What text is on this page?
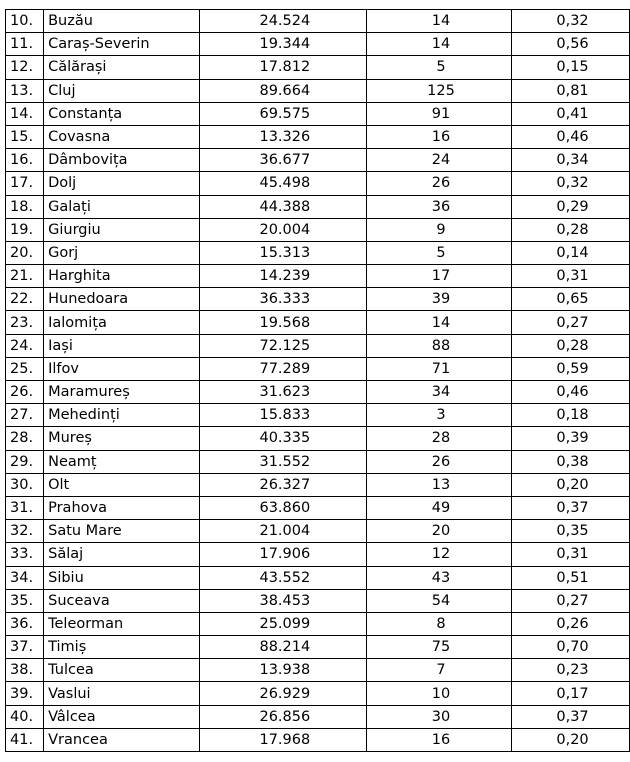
10.	Buzău	24.524	14	0,32
11.	Caraș-Severin	19.344	14	0,56
12.	Călărași	17.812	5	0,15
13.	Cluj	89.664	125	0,81
14.	Constanța	69.575	91	0,41
15.	Covasna	13.326	16	0,46
16.	Dâmbovița	36.677	24	0,34
17.	Dolj	45.498	26	0,32
18.	Galați	44.388	36	0,29
19.	Giurgiu	20.004	9	0,28
20.	Gorj	15.313	5	0,14
21.	Harghita	14.239	17	0,31
22.	Hunedoara	36.333	39	0,65
23.	Ialomița	19.568	14	0,27
24.	Iași	72.125	88	0,28
25.	Ilfov	77.289	71	0,59
26.	Maramureș	31.623	34	0,46
27.	Mehedinți	15.833	3	0,18
28.	Mureș	40.335	28	0,39
29.	Neamț	31.552	26	0,38
30.	Olt	26.327	13	0,20
31.	Prahova	63.860	49	0,37
32.	Satu Mare	21.004	20	0,35
33.	Sălaj	17.906	12	0,31
34.	Sibiu	43.552	43	0,51
35.	Suceava	38.453	54	0,27
36.	Teleorman	25.099	8	0,26
37.	Timiș	88.214	75	0,70
38.	Tulcea	13.938	7	0,23
39.	Vaslui	26.929	10	0,17
40.	Vâlcea	26.856	30	0,37
41.	Vrancea	17.968	16	0,20
